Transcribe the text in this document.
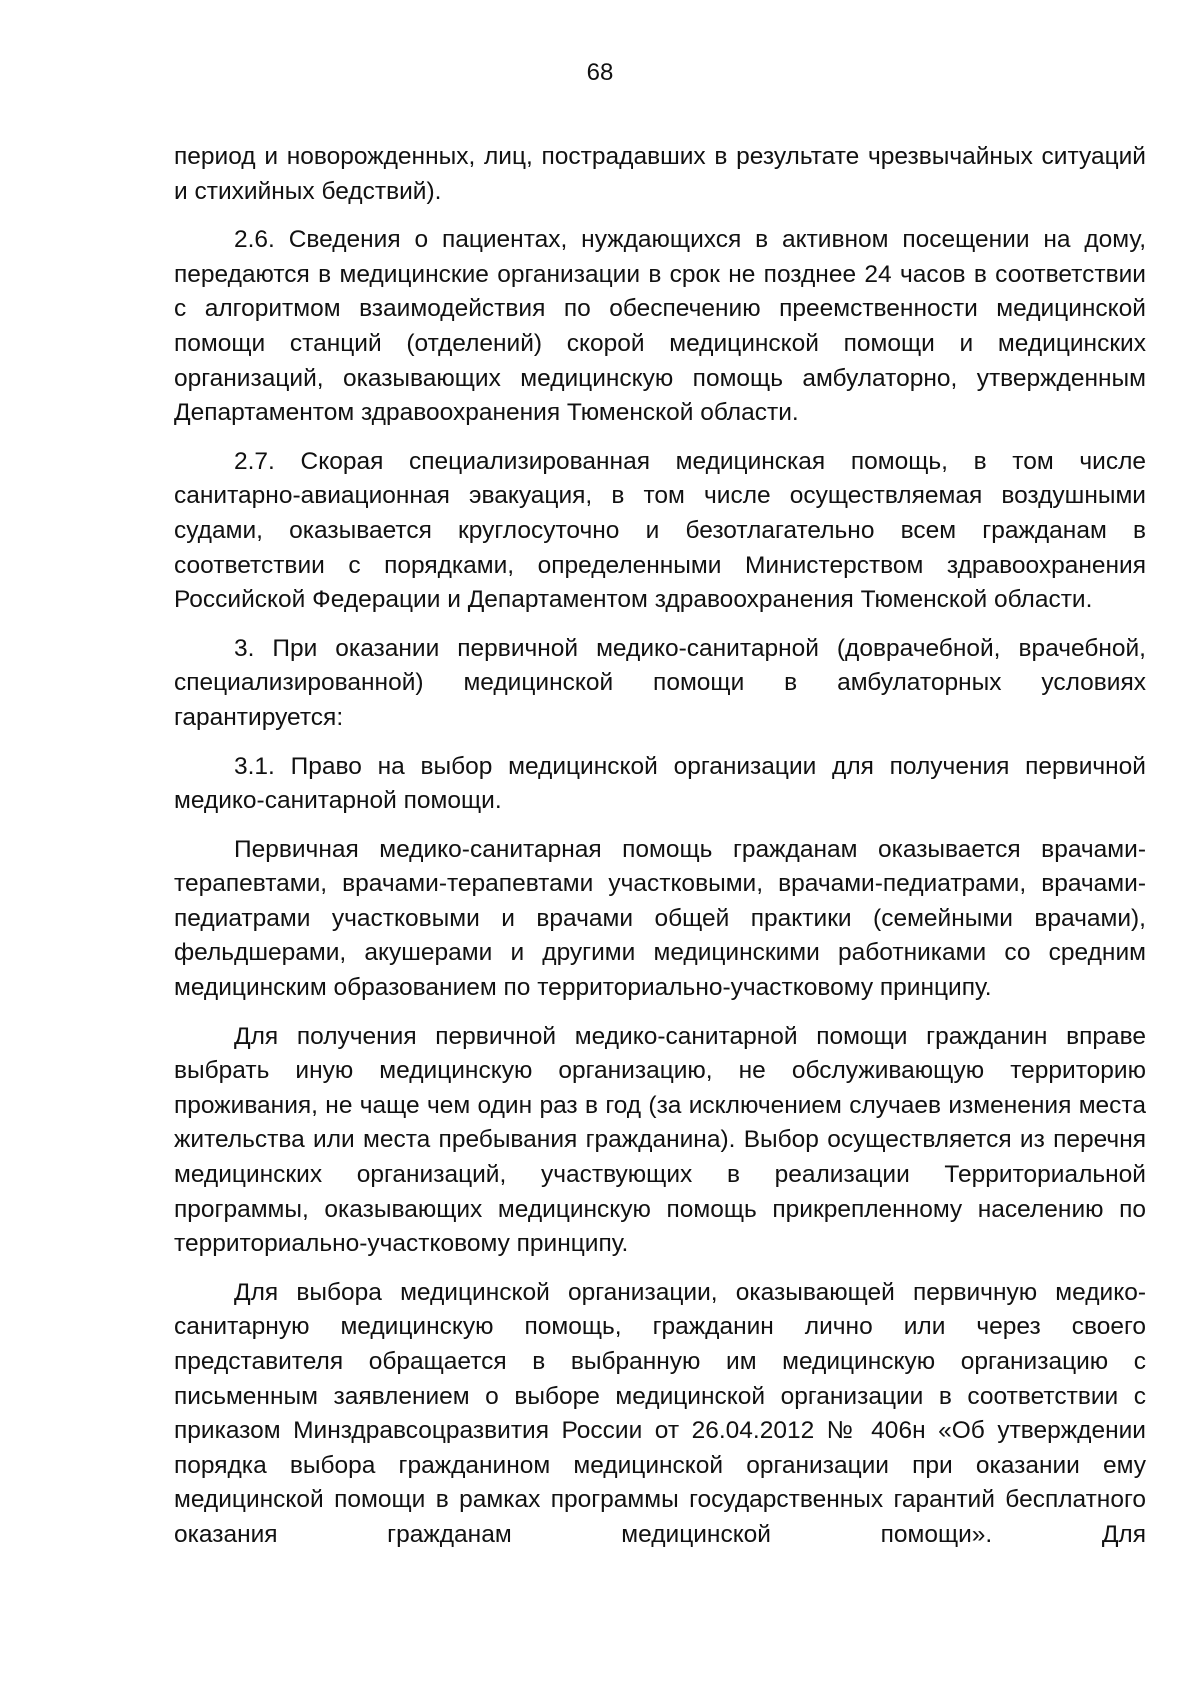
68

период и новорожденных, лиц, пострадавших в результате чрезвычайных ситуаций и стихийных бедствий).

2.6. Сведения о пациентах, нуждающихся в активном посещении на дому, передаются в медицинские организации в срок не позднее 24 часов в соответствии с алгоритмом взаимодействия по обеспечению преемственности медицинской помощи станций (отделений) скорой медицинской помощи и медицинских организаций, оказывающих медицинскую помощь амбулаторно, утвержденным Департаментом здравоохранения Тюменской области.

2.7. Скорая специализированная медицинская помощь, в том числе санитарно-авиационная эвакуация, в том числе осуществляемая воздушными судами, оказывается круглосуточно и безотлагательно всем гражданам в соответствии с порядками, определенными Министерством здравоохранения Российской Федерации и Департаментом здравоохранения Тюменской области.

3. При оказании первичной медико-санитарной (доврачебной, врачебной, специализированной) медицинской помощи в амбулаторных условиях гарантируется:

3.1. Право на выбор медицинской организации для получения первичной медико-санитарной помощи.

Первичная медико-санитарная помощь гражданам оказывается врачами-терапевтами, врачами-терапевтами участковыми, врачами-педиатрами, врачами-педиатрами участковыми и врачами общей практики (семейными врачами), фельдшерами, акушерами и другими медицинскими работниками со средним медицинским образованием по территориально-участковому принципу.

Для получения первичной медико-санитарной помощи гражданин вправе выбрать иную медицинскую организацию, не обслуживающую территорию проживания, не чаще чем один раз в год (за исключением случаев изменения места жительства или места пребывания гражданина). Выбор осуществляется из перечня медицинских организаций, участвующих в реализации Территориальной программы, оказывающих медицинскую помощь прикрепленному населению по территориально-участковому принципу.

Для выбора медицинской организации, оказывающей первичную медико-санитарную медицинскую помощь, гражданин лично или через своего представителя обращается в выбранную им медицинскую организацию с письменным заявлением о выборе медицинской организации в соответствии с приказом Минздравсоцразвития России от 26.04.2012 № 406н «Об утверждении порядка выбора гражданином медицинской организации при оказании ему медицинской помощи в рамках программы государственных гарантий бесплатного оказания гражданам медицинской помощи». Для
